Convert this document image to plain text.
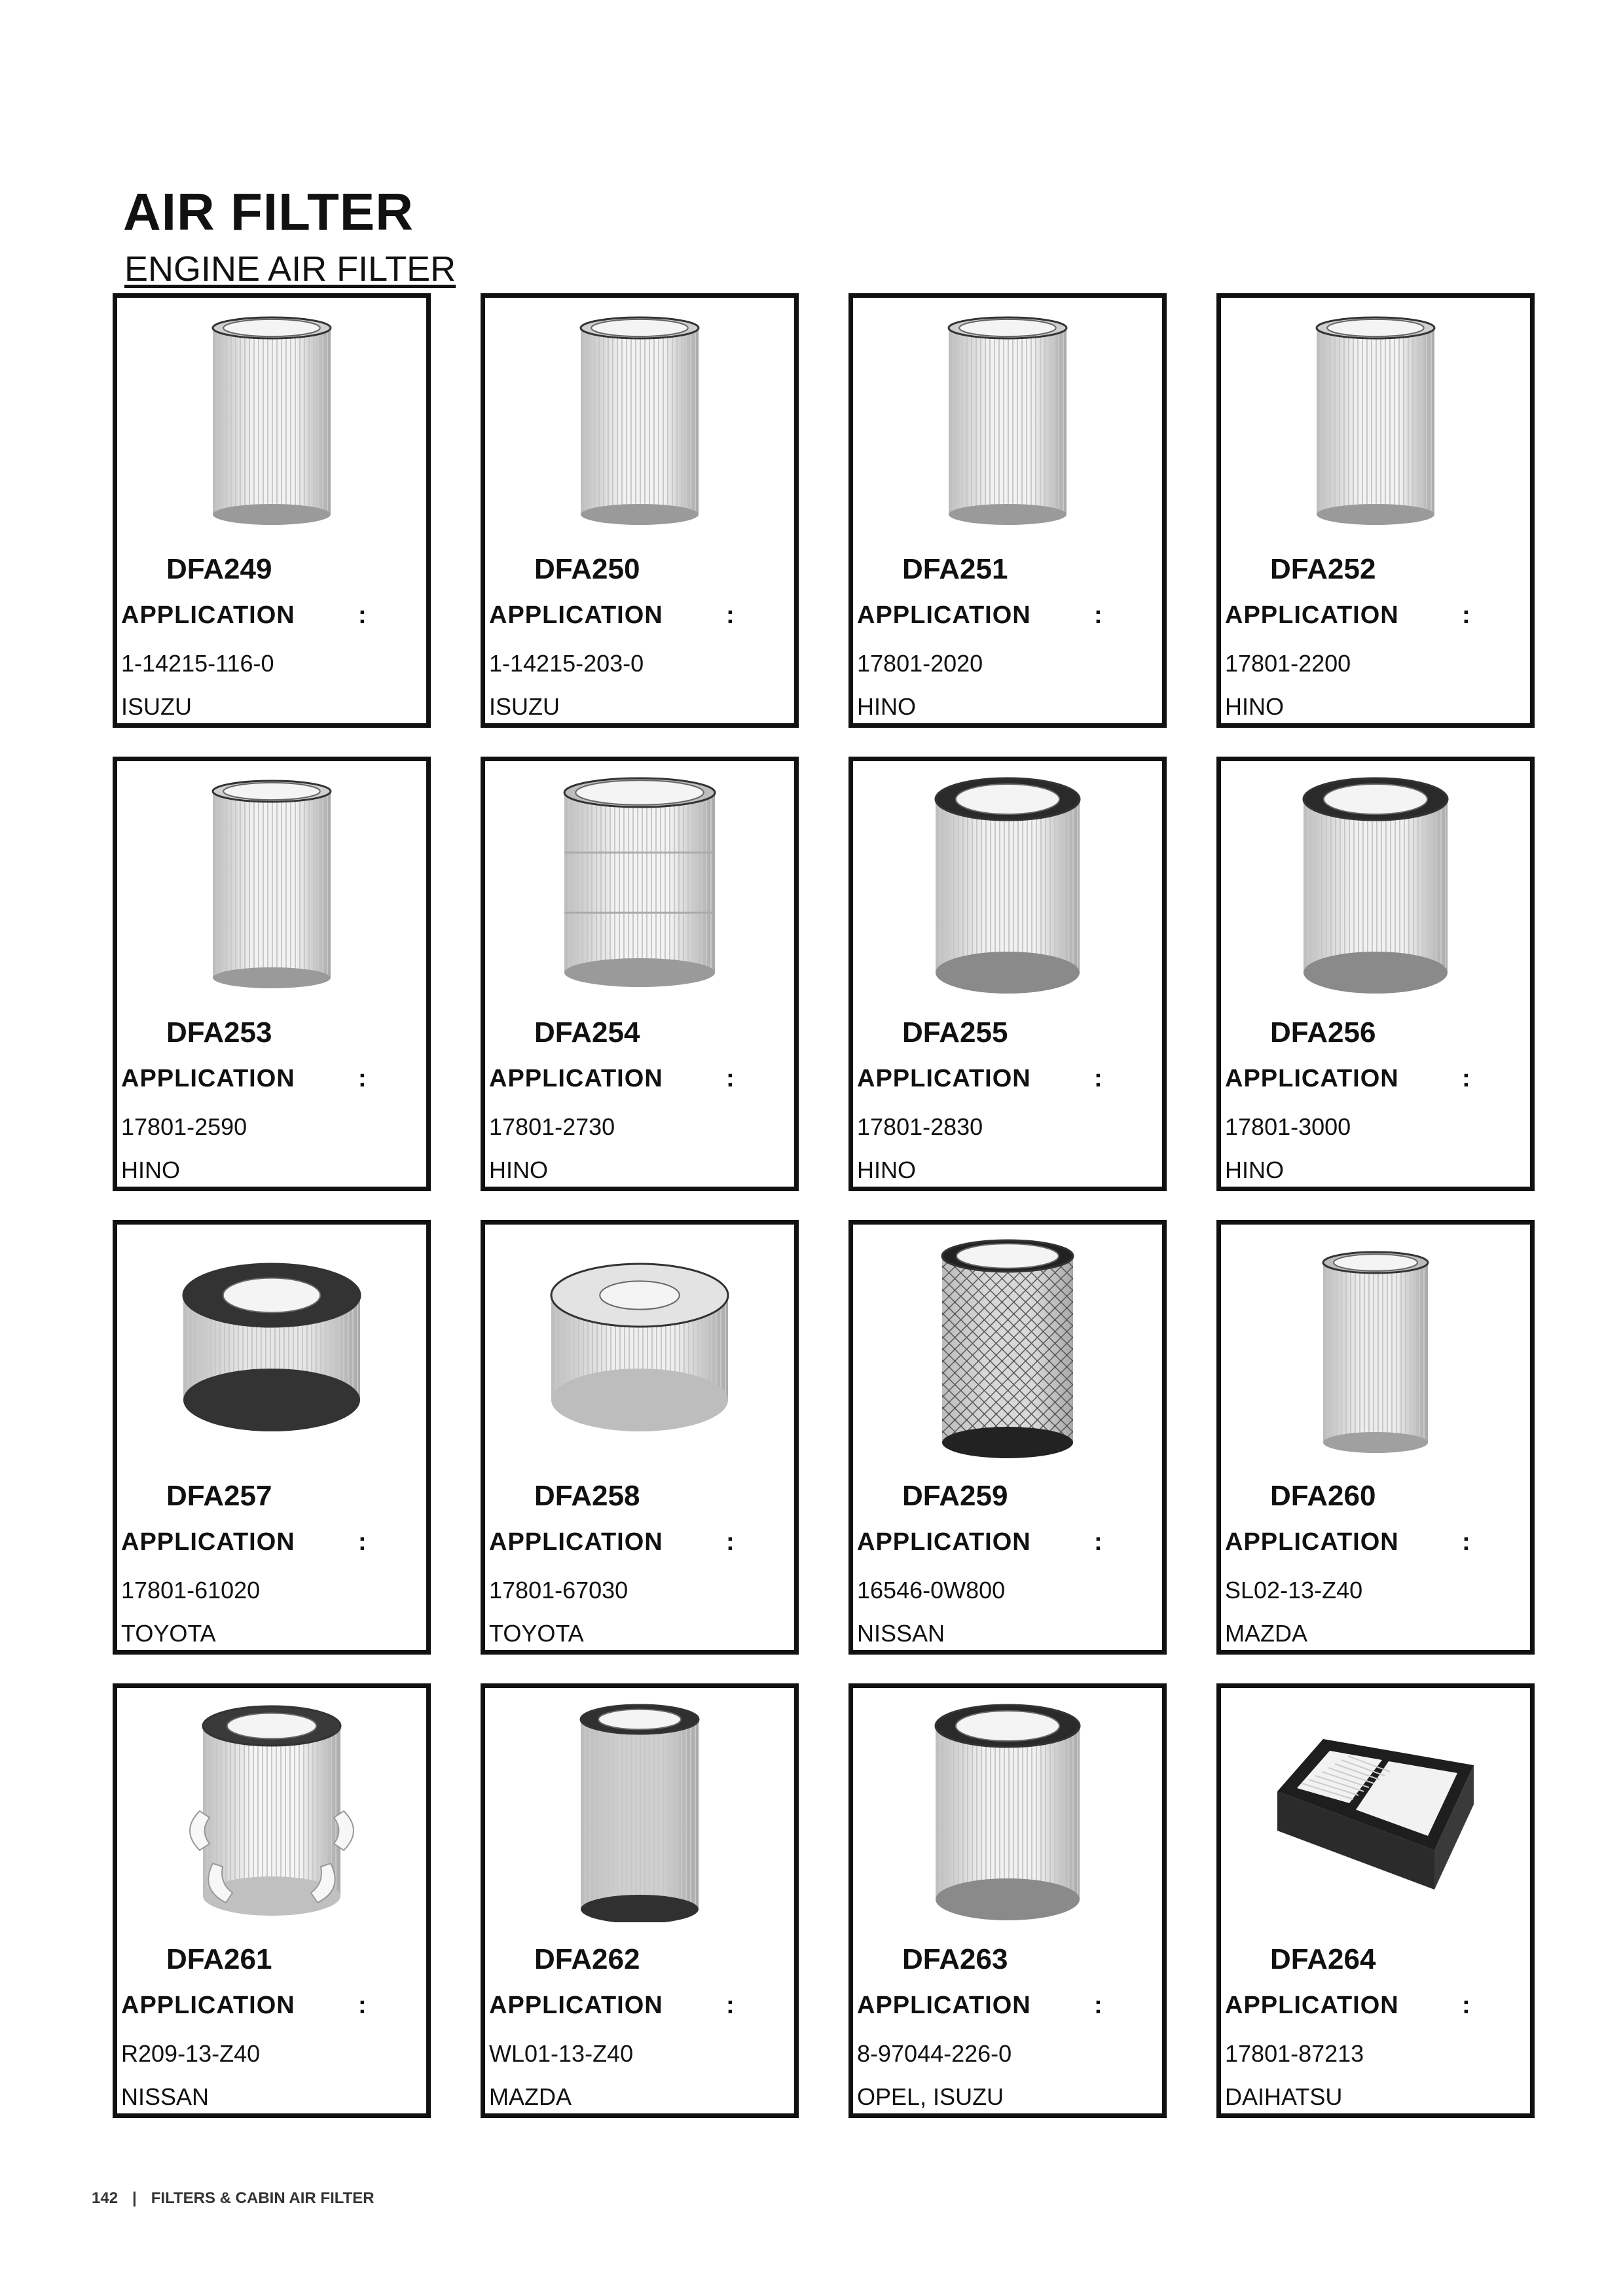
AIR FILTER
ENGINE AIR FILTER
DFA249
APPLICATION	:
1-14215-116-0
ISUZU
DFA250
APPLICATION	:
1-14215-203-0
ISUZU
DFA251
APPLICATION	:
17801-2020
HINO
DFA252
APPLICATION	:
17801-2200
HINO
DFA253
APPLICATION	:
17801-2590
HINO
DFA254
APPLICATION	:
17801-2730
HINO
DFA255
APPLICATION	:
17801-2830
HINO
DFA256
APPLICATION	:
17801-3000
HINO
DFA257
APPLICATION	:
17801-61020
TOYOTA
DFA258
APPLICATION	:
17801-67030
TOYOTA
DFA259
APPLICATION	:
16546-0W800
NISSAN
DFA260
APPLICATION	:
SL02-13-Z40
MAZDA
DFA261
APPLICATION	:
R209-13-Z40
NISSAN
DFA262
APPLICATION	:
WL01-13-Z40
MAZDA
DFA263
APPLICATION	:
8-97044-226-0
OPEL, ISUZU
DFA264
APPLICATION	:
17801-87213
DAIHATSU
142 | FILTERS & CABIN AIR FILTER
